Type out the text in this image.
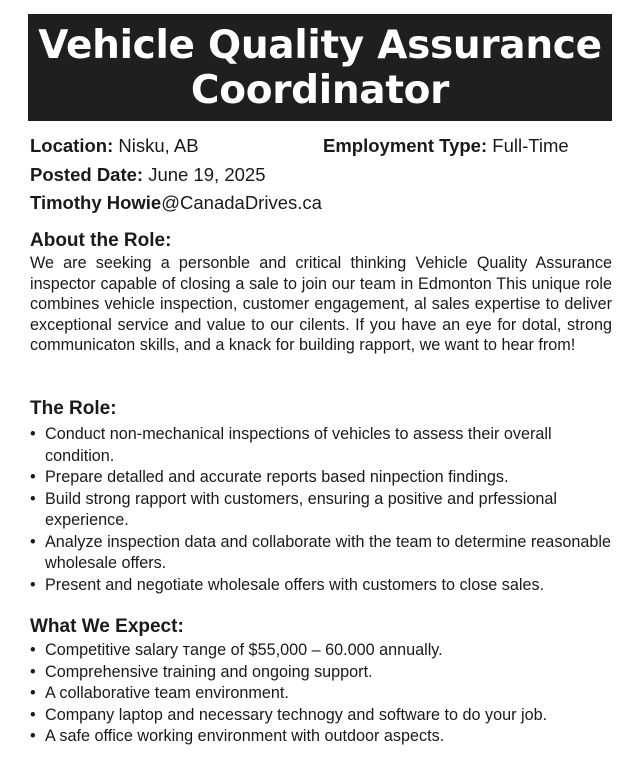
Vehicle Quality Assurance
Coordinator
Location: Nisku, AB	Employment Type: Full-Time
Posted Date: June 19, 2025
Timothy Howie@CanadaDrives.ca
About the Role:
We are seeking a personble and critical thinking Vehicle Quality Assurance inspector capable of closing a sale to join our team in Edmonton This unique role combines vehicle inspection, customer engagement, al sales expertise to deliver exceptional service and value to our cilents. If you have an eye for dotal, strong communicaton skills, and a knack for building rapport, we want to hear from!
The Role:
• Conduct non-mechanical inspections of vehicles to assess their overall condition.
• Prepare detalled and accurate reports based ninpection findings.
• Build strong rapport with customers, ensuring a positive and prfessional experience.
• Analyze inspection data and collaborate with the team to determine reasonable wholesale offers.
• Present and negotiate wholesale offers with customers to close sales.
What We Expect:
• Competitive salary тange of $55,000 – 60.000 annually.
• Comprehensive training and ongoing support.
• A collaborative team environment.
• Company laptop and necessary technogy and software to do your job.
• A safe office working environment with outdoor aspects.
